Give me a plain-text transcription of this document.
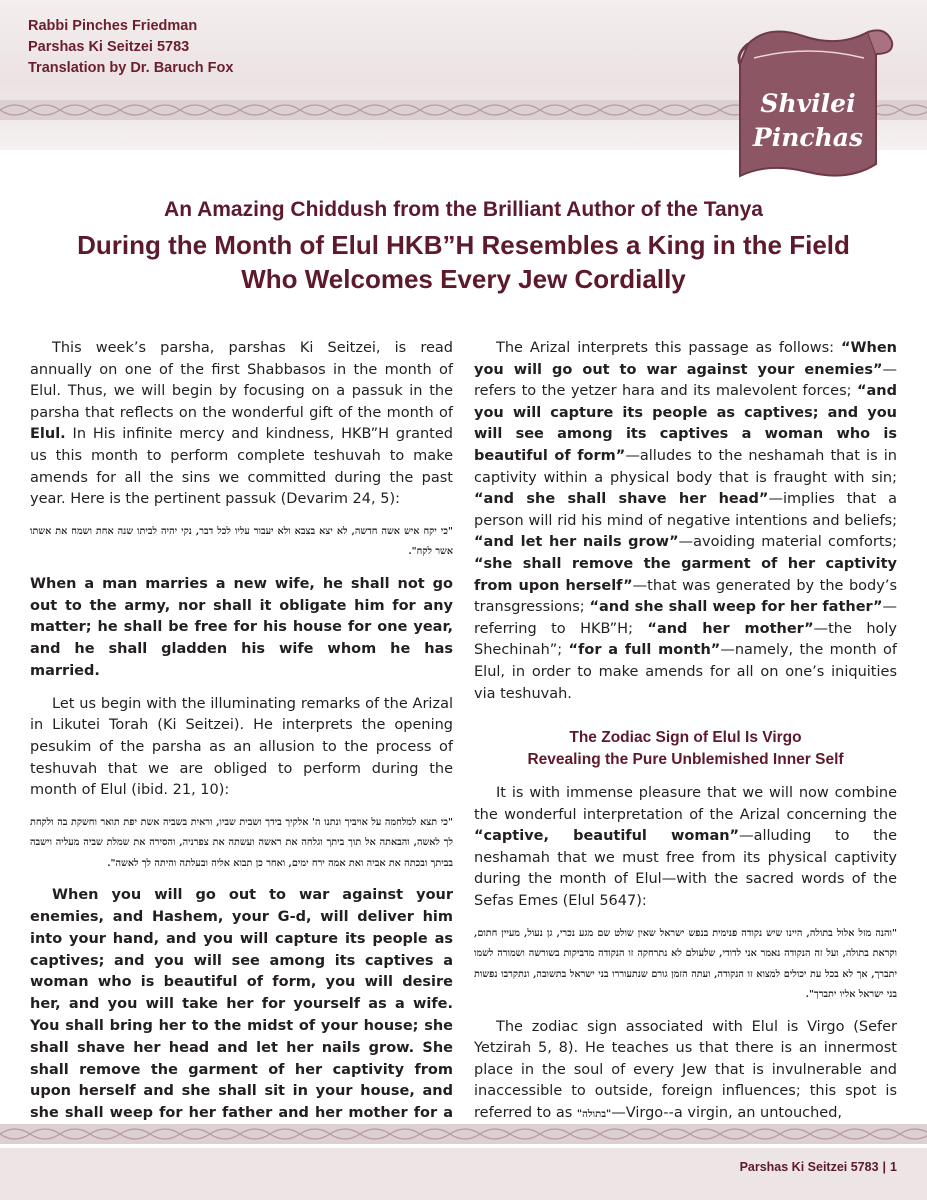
Rabbi Pinches Friedman
Parshas Ki Seitzei 5783
Translation by Dr. Baruch Fox
Shvilei
Pinchas
An Amazing Chiddush from the Brilliant Author of the Tanya
During the Month of Elul HKB”H Resembles a King in the Field
Who Welcomes Every Jew Cordially

This week’s parsha, parshas Ki Seitzei, is read annually on one of the first Shabbasos in the month of Elul. Thus, we will begin by focusing on a passuk in the parsha that reflects on the wonderful gift of the month of Elul. In His infinite mercy and kindness, HKB”H granted us this month to perform complete teshuvah to make amends for all the sins we committed during the past year. Here is the pertinent passuk (Devarim 24, 5):

"כי יקח איש אשה חדשה, לא יצא בצבא ולא יעבור עליו לכל דבר, נקי יהיה לביתו שנה אחת ושמח את אשתו אשר לקח".

When a man marries a new wife, he shall not go out to the army, nor shall it obligate him for any matter; he shall be free for his house for one year, and he shall gladden his wife whom he has married.

Let us begin with the illuminating remarks of the Arizal in Likutei Torah (Ki Seitzei). He interprets the opening pesukim of the parsha as an allusion to the process of teshuvah that we are obliged to perform during the month of Elul (ibid. 21, 10):

"כי תצא למלחמה על אויביך ונתנו ה' אלקיך בידך ושבית שביו, וראית בשביה אשת יפת תואר וחשקת בה ולקחת לך לאשה, והבאתה אל תוך ביתך וגלחה את ראשה ועשתה את צפרניה, והסירה את שמלת שביה מעליה וישבה בביתך ובכתה את אביה ואת אמה ירח ימים, ואחר כן תבוא אליה ובעלתה והיתה לך לאשה".

When you will go out to war against your enemies, and Hashem, your G-d, will deliver him into your hand, and you will capture its people as captives; and you will see among its captives a woman who is beautiful of form, you will desire her, and you will take her for yourself as a wife. You shall bring her to the midst of your house; she shall shave her head and let her nails grow. She shall remove the garment of her captivity from upon herself and she shall sit in your house, and she shall weep for her father and her mother for a

The Arizal interprets this passage as follows: “When you will go out to war against your enemies”—refers to the yetzer hara and its malevolent forces; “and you will capture its people as captives; and you will see among its captives a woman who is beautiful of form”—alludes to the neshamah that is in captivity within a physical body that is fraught with sin; “and she shall shave her head”—implies that a person will rid his mind of negative intentions and beliefs; “and let her nails grow”—avoiding material comforts; “she shall remove the garment of her captivity from upon herself”—that was generated by the body’s transgressions; “and she shall weep for her father”—referring to HKB”H; “and her mother”—the holy Shechinah”; “for a full month”—namely, the month of Elul, in order to make amends for all on one’s iniquities via teshuvah.

The Zodiac Sign of Elul Is Virgo
Revealing the Pure Unblemished Inner Self

It is with immense pleasure that we will now combine the wonderful interpretation of the Arizal concerning the “captive, beautiful woman”—alluding to the neshamah that we must free from its physical captivity during the month of Elul—with the sacred words of the Sefas Emes (Elul 5647):

"והנה מזל אלול בתולה, היינו שיש נקודה פנימית בנפש ישראל שאין שולט שם מגע נכרי, גן נעול, מעיין חתום, וקראת בתולה, ועל זה הנקודה נאמר אני לדודי, שלעולם לא נתרחקה זו הנקודה מדביקות בשורשה ושמורה לשמו יתברך, אך לא בכל עת יכולים למצוא זו הנקודה, ועתה הזמן גורם שנתעוררו בני ישראל בתשובה, ונתקרבו נפשות בני ישראל אליו יתברך".

The zodiac sign associated with Elul is Virgo (Sefer Yetzirah 5, 8). He teaches us that there is an innermost place in the soul of every Jew that is invulnerable and inaccessible to outside, foreign influences; this spot is referred to as "בתולה"—Virgo--a virgin, an untouched,

Parshas Ki Seitzei 5783 | 1
